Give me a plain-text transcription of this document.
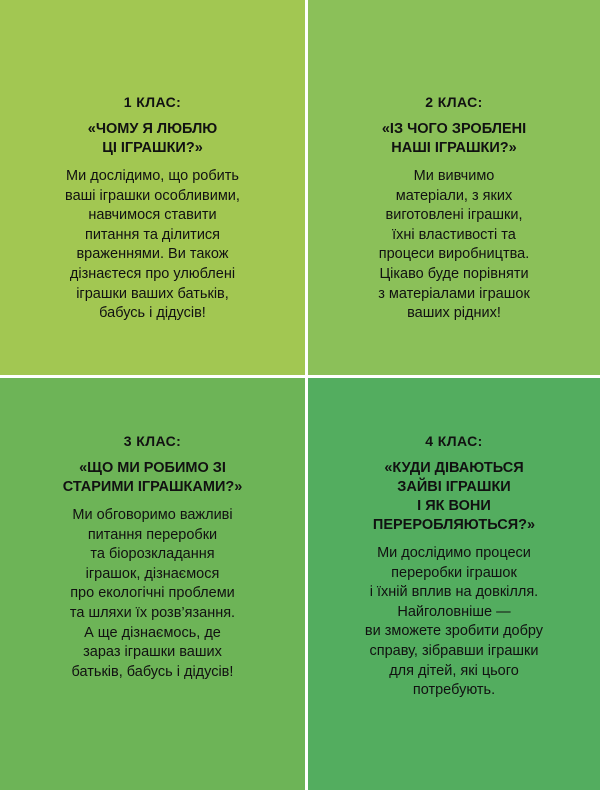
1 КЛАС:
«ЧОМУ Я ЛЮБЛЮ
ЦІ ІГРАШКИ?»
Ми дослідимо, що робить
ваші іграшки особливими,
навчимося ставити
питання та ділитися
враженнями. Ви також
дізнаєтеся про улюблені
іграшки ваших батьків,
бабусь і дідусів!
2 КЛАС:
«ІЗ ЧОГО ЗРОБЛЕНІ
НАШІ ІГРАШКИ?»
Ми вивчимо
матеріали, з яких
виготовлені іграшки,
їхні властивості та
процеси виробництва.
Цікаво буде порівняти
з матеріалами іграшок
ваших рідних!
3 КЛАС:
«ЩО МИ РОБИМО ЗІ
СТАРИМИ ІГРАШКАМИ?»
Ми обговоримо важливі
питання переробки
та біорозкладання
іграшок, дізнаємося
про екологічні проблеми
та шляхи їх розв’язання.
А ще дізнаємось, де
зараз іграшки ваших
батьків, бабусь і дідусів!
4 КЛАС:
«КУДИ ДІВАЮТЬСЯ
ЗАЙВІ ІГРАШКИ
І ЯК ВОНИ
ПЕРЕРОБЛЯЮТЬСЯ?»
Ми дослідимо процеси
переробки іграшок
і їхній вплив на довкілля.
Найголовніше —
ви зможете зробити добру
справу, зібравши іграшки
для дітей, які цього
потребують.
